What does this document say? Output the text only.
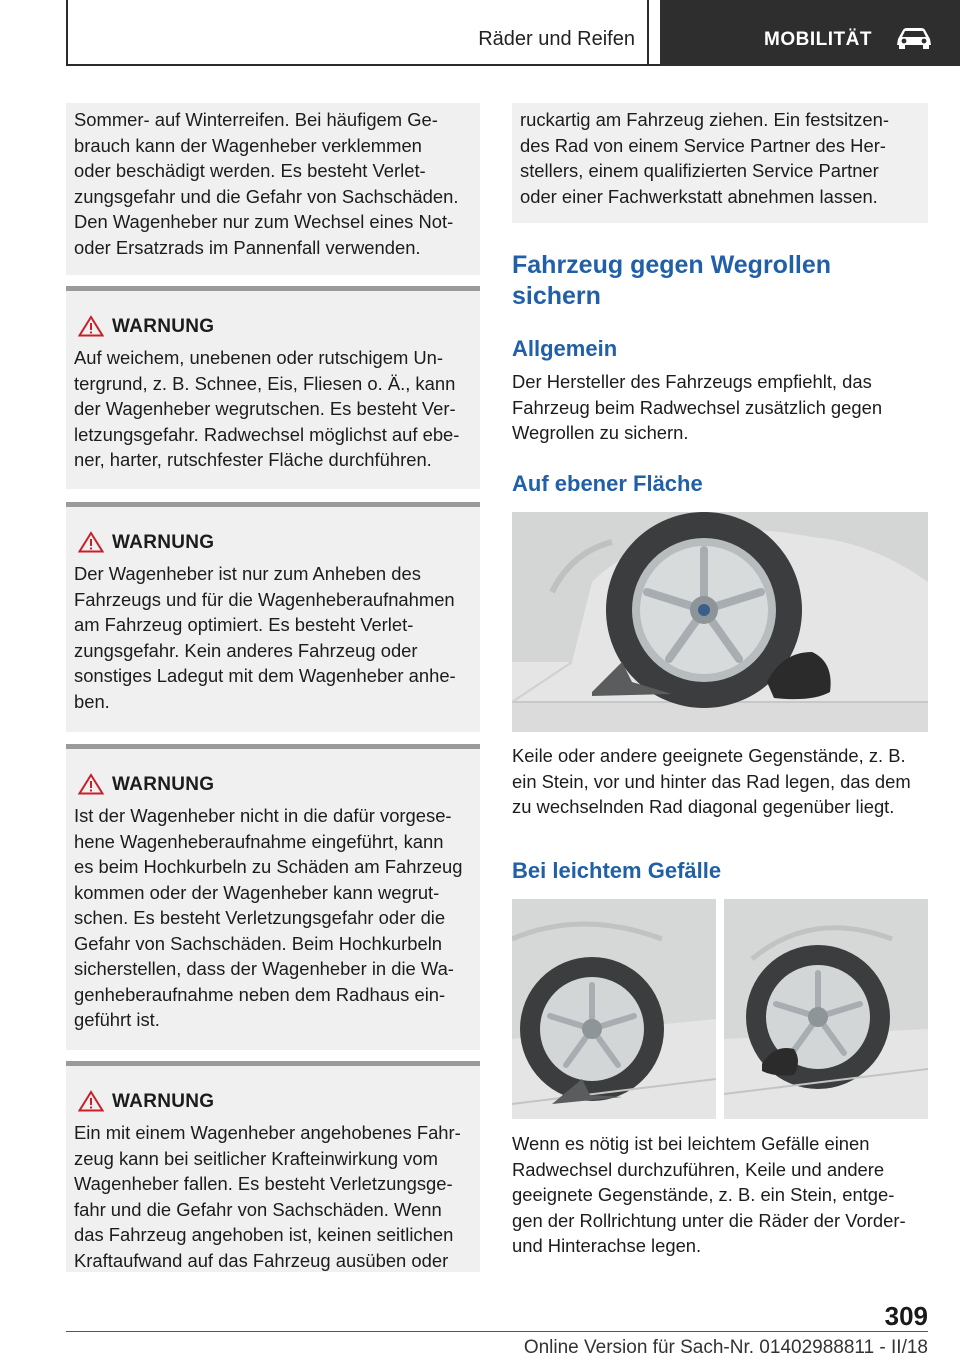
Räder und Reifen	MOBILITÄT
Sommer- auf Winterreifen. Bei häufigem Ge-
brauch kann der Wagenheber verklemmen
oder beschädigt werden. Es besteht Verlet-
zungsgefahr und die Gefahr von Sachschäden.
Den Wagenheber nur zum Wechsel eines Not-
oder Ersatzrads im Pannenfall verwenden.
WARNUNG
Auf weichem, unebenen oder rutschigem Un-
tergrund, z. B. Schnee, Eis, Fliesen o. Ä., kann
der Wagenheber wegrutschen. Es besteht Ver-
letzungsgefahr. Radwechsel möglichst auf ebe-
ner, harter, rutschfester Fläche durchführen.
WARNUNG
Der Wagenheber ist nur zum Anheben des
Fahrzeugs und für die Wagenheberaufnahmen
am Fahrzeug optimiert. Es besteht Verlet-
zungsgefahr. Kein anderes Fahrzeug oder
sonstiges Ladegut mit dem Wagenheber anhe-
ben.
WARNUNG
Ist der Wagenheber nicht in die dafür vorgese-
hene Wagenheberaufnahme eingeführt, kann
es beim Hochkurbeln zu Schäden am Fahrzeug
kommen oder der Wagenheber kann wegrut-
schen. Es besteht Verletzungsgefahr oder die
Gefahr von Sachschäden. Beim Hochkurbeln
sicherstellen, dass der Wagenheber in die Wa-
genheberaufnahme neben dem Radhaus ein-
geführt ist.
WARNUNG
Ein mit einem Wagenheber angehobenes Fahr-
zeug kann bei seitlicher Krafteinwirkung vom
Wagenheber fallen. Es besteht Verletzungsge-
fahr und die Gefahr von Sachschäden. Wenn
das Fahrzeug angehoben ist, keinen seitlichen
Kraftaufwand auf das Fahrzeug ausüben oder
ruckartig am Fahrzeug ziehen. Ein festsitzen-
des Rad von einem Service Partner des Her-
stellers, einem qualifizierten Service Partner
oder einer Fachwerkstatt abnehmen lassen.
Fahrzeug gegen Wegrollen
sichern
Allgemein
Der Hersteller des Fahrzeugs empfiehlt, das
Fahrzeug beim Radwechsel zusätzlich gegen
Wegrollen zu sichern.
Auf ebener Fläche
Keile oder andere geeignete Gegenstände, z. B.
ein Stein, vor und hinter das Rad legen, das dem
zu wechselnden Rad diagonal gegenüber liegt.
Bei leichtem Gefälle
Wenn es nötig ist bei leichtem Gefälle einen
Radwechsel durchzuführen, Keile und andere
geeignete Gegenstände, z. B. ein Stein, entge-
gen der Rollrichtung unter die Räder der Vorder-
und Hinterachse legen.
309
Online Version für Sach-Nr. 01402988811 - II/18
